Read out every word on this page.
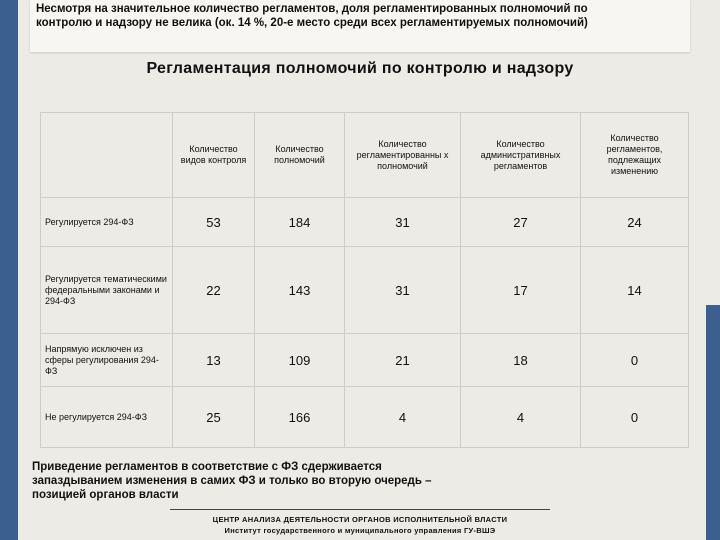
Несмотря на значительное количество регламентов, доля регламентированных полномочий по контролю и надзору не велика (ок. 14 %, 20-е место среди всех регламентируемых полномочий)
Регламентация полномочий по контролю и надзору
	Количество видов контроля	Количество полномочий	Количество регламентированны х полномочий	Количество административных регламентов	Количество регламентов, подлежащих изменению
Регулируется 294-ФЗ	53	184	31	27	24
Регулируется тематическими федеральными законами и 294-ФЗ	22	143	31	17	14
Напрямую исключен из сферы регулирования 294-ФЗ	13	109	21	18	0
Не регулируется 294-ФЗ	25	166	4	4	0
Приведение регламентов в соответствие с ФЗ сдерживается запаздыванием изменения в самих ФЗ и только во вторую очередь – позицией органов власти
ЦЕНТР АНАЛИЗА ДЕЯТЕЛЬНОСТИ ОРГАНОВ ИСПОЛНИТЕЛЬНОЙ ВЛАСТИ
Институт государственного и муниципального управления ГУ-ВШЭ
